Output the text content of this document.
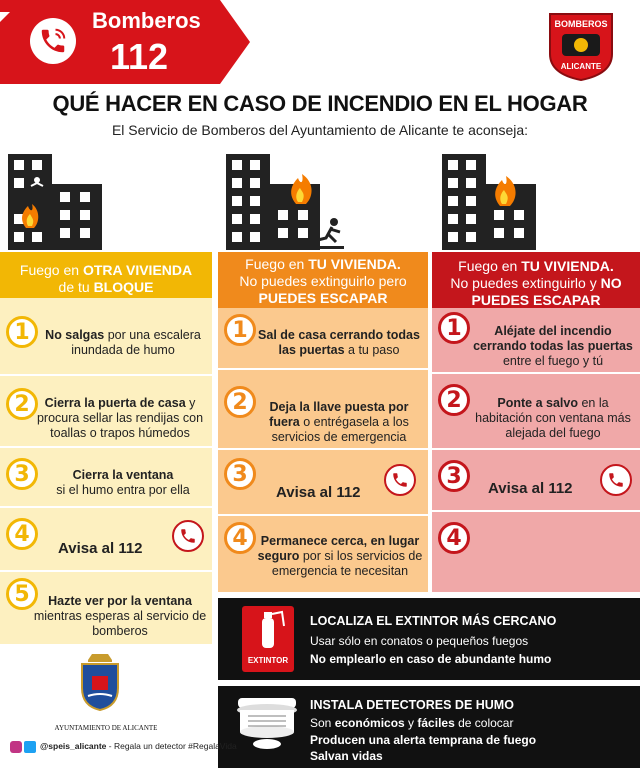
Bomberos
112
BOMBEROS
ALICANTE
QUÉ HACER EN CASO DE INCENDIO EN EL HOGAR
El Servicio de Bomberos del Ayuntamiento de Alicante te aconseja:
Fuego en OTRA VIVIENDA
de tu BLOQUE
1	No salgas por una escalera inundada de humo
2	Cierra la puerta de casa y procura sellar las rendijas con toallas o trapos húmedos
3	Cierra la ventana
si el humo entra por ella
4
Avisa al 112
5	Hazte ver por la ventana
mientras esperas al servicio de bomberos
Fuego en TU VIVIENDA.
No puedes extinguirlo pero
PUEDES ESCAPAR
1 Sal de casa cerrando todas las puertas a tu paso
2	Deja la llave puesta por fuera o entrégasela a los servicios de emergencia
3
Avisa al 112
4	Permanece cerca, en lugar seguro por si los servicios de emergencia te necesitan
Fuego en TU VIVIENDA.
No puedes extinguirlo y NO PUEDES ESCAPAR
1	Aléjate del incendio cerrando todas las puertas
entre el fuego y tú
2	Ponte a salvo en la habitación con ventana más alejada del fuego
3	Avisa al 112
4
EXTINTOR
LOCALIZA EL EXTINTOR MÁS CERCANO
Usar sólo en conatos o pequeños fuegos
No emplearlo en caso de abundante humo
INSTALA DETECTORES DE HUMO
Son económicos y fáciles de colocar
Producen una alerta temprana de fuego
Salvan vidas
AYUNTAMIENTO DE ALICANTE
@speis_alicante - Regala un detector #RegalaVida
